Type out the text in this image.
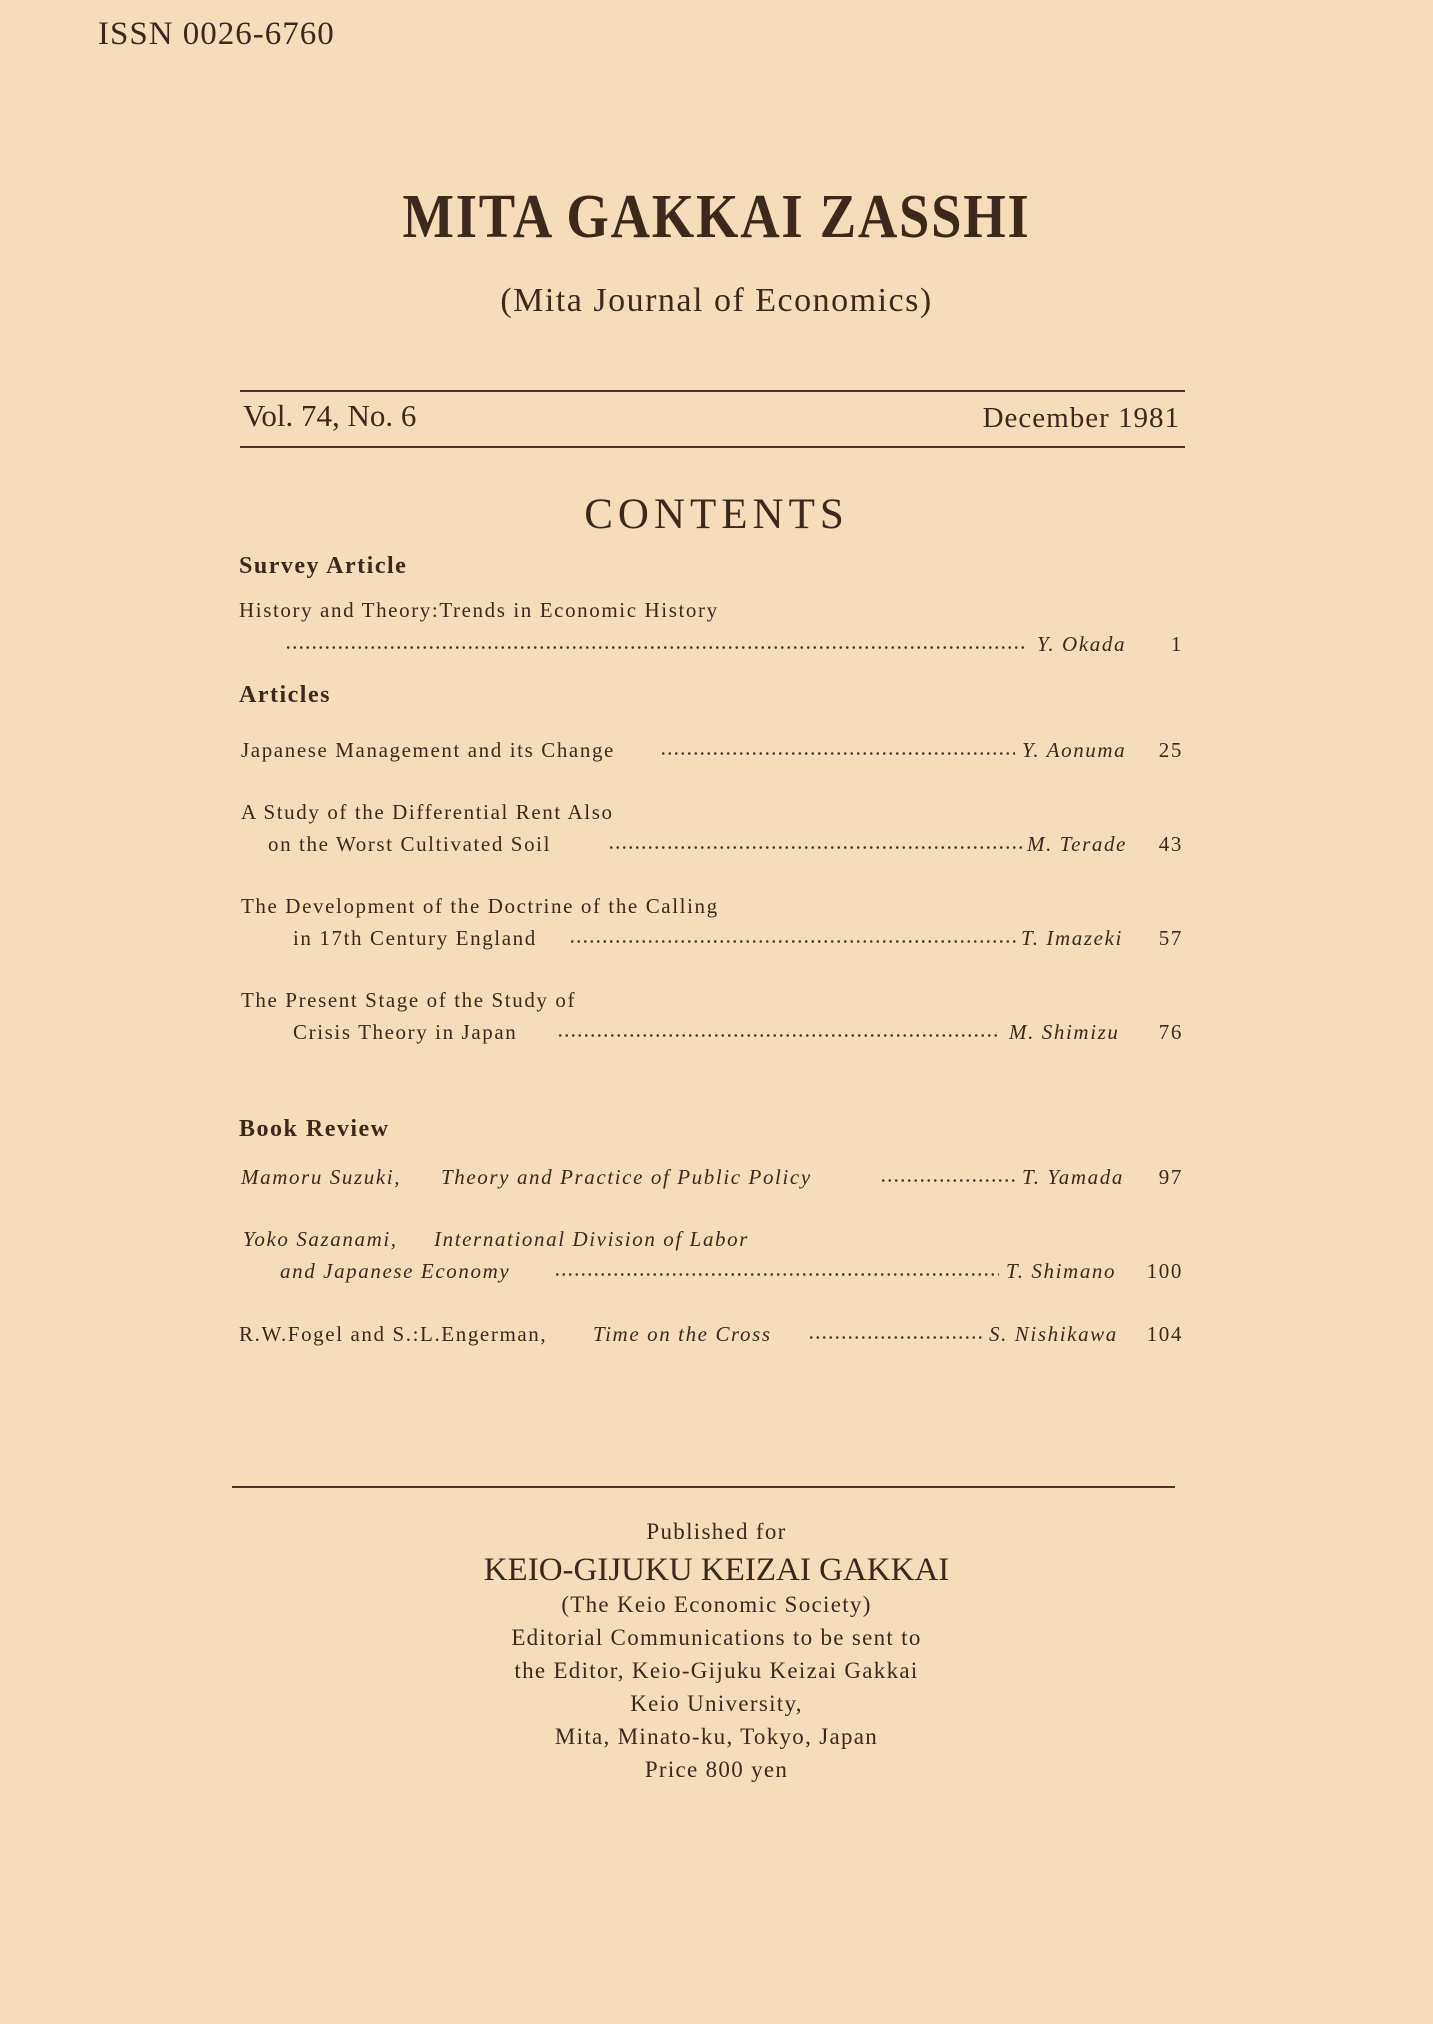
ISSN 0026-6760
MITA GAKKAI ZASSHI
(Mita Journal of Economics)
Vol. 74, No. 6	December 1981
CONTENTS
Survey Article
History and Theory:Trends in Economic History
Y. Okada 1
Articles
Japanese Management and its Change	Y. Aonuma 25
A Study of the Differential Rent Also
on the Worst Cultivated Soil	M. Terade 43
The Development of the Doctrine of the Calling
in 17th Century England	T. Imazeki 57
The Present Stage of the Study of
Crisis Theory in Japan	M. Shimizu 76
Book Review
Mamoru Suzuki, Theory and Practice of Public Policy	T. Yamada 97
Yoko Sazanami, International Division of Labor
and Japanese Economy	T. Shimano 100
R.W.Fogel and S.:L.Engerman, Time on the Cross	S. Nishikawa 104
Published for
KEIO-GIJUKU KEIZAI GAKKAI
(The Keio Economic Society)
Editorial Communications to be sent to
the Editor, Keio-Gijuku Keizai Gakkai
Keio University,
Mita, Minato-ku, Tokyo, Japan
Price 800 yen
